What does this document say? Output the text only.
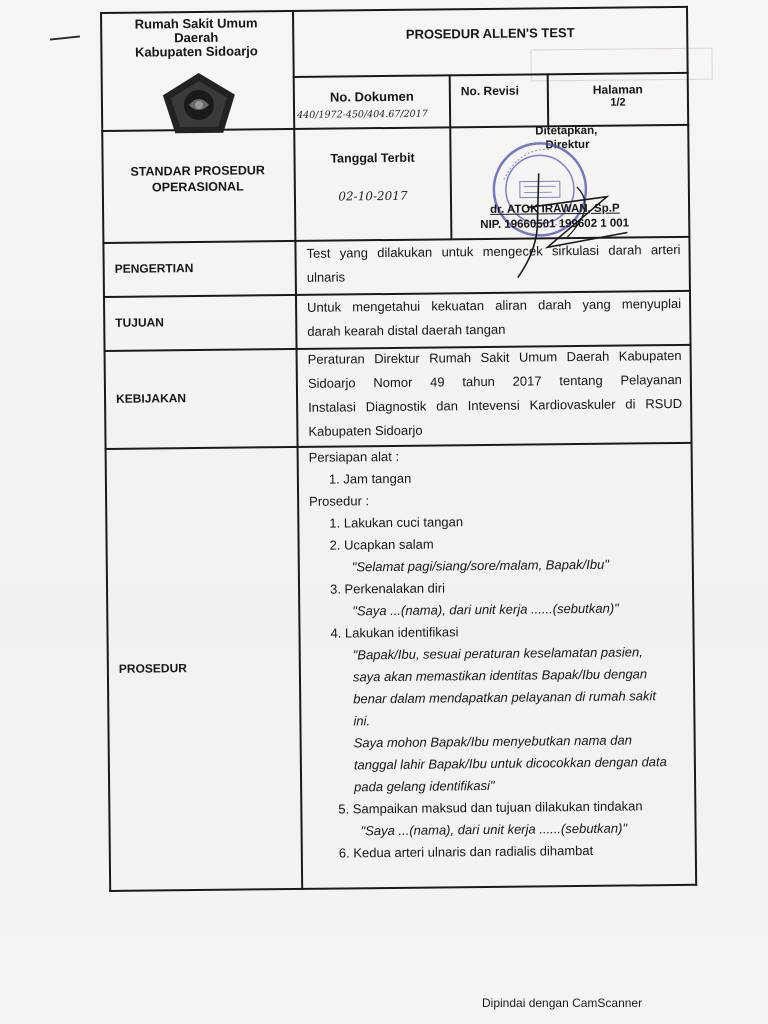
Rumah Sakit Umum
Daerah
Kabupaten Sidoarjo
PROSEDUR ALLEN'S TEST
No. Dokumen
440/1972-450/404.67/2017
No. Revisi	Halaman
1/2
STANDAR PROSEDUR
OPERASIONAL
Tanggal Terbit
02-10-2017
Ditetapkan,
Direktur
dr. ATOK IRAWAN, Sp.P
NIP. 19660501 199602 1 001
PENGERTIAN
Test yang dilakukan untuk mengecek sirkulasi darah arteri
ulnaris
TUJUAN
Untuk mengetahui kekuatan aliran darah yang menyuplai
darah kearah distal daerah tangan
KEBIJAKAN
Peraturan Direktur Rumah Sakit Umum Daerah Kabupaten
Sidoarjo Nomor 49 tahun 2017 tentang Pelayanan
Instalasi Diagnostik dan Intevensi Kardiovaskuler di RSUD
Kabupaten Sidoarjo
PROSEDUR
Persiapan alat :
1. Jam tangan
Prosedur :
1. Lakukan cuci tangan
2. Ucapkan salam
"Selamat pagi/siang/sore/malam, Bapak/Ibu"
3. Perkenalakan diri
"Saya ...(nama), dari unit kerja ......(sebutkan)"
4. Lakukan identifikasi
"Bapak/Ibu, sesuai peraturan keselamatan pasien,
saya akan memastikan identitas Bapak/Ibu dengan
benar dalam mendapatkan pelayanan di rumah sakit
ini.
Saya mohon Bapak/Ibu menyebutkan nama dan
tanggal lahir Bapak/Ibu untuk dicocokkan dengan data
pada gelang identifikasi"
5. Sampaikan maksud dan tujuan dilakukan tindakan
"Saya ...(nama), dari unit kerja ......(sebutkan)"
6. Kedua arteri ulnaris dan radialis dihambat
Dipindai dengan CamScanner
